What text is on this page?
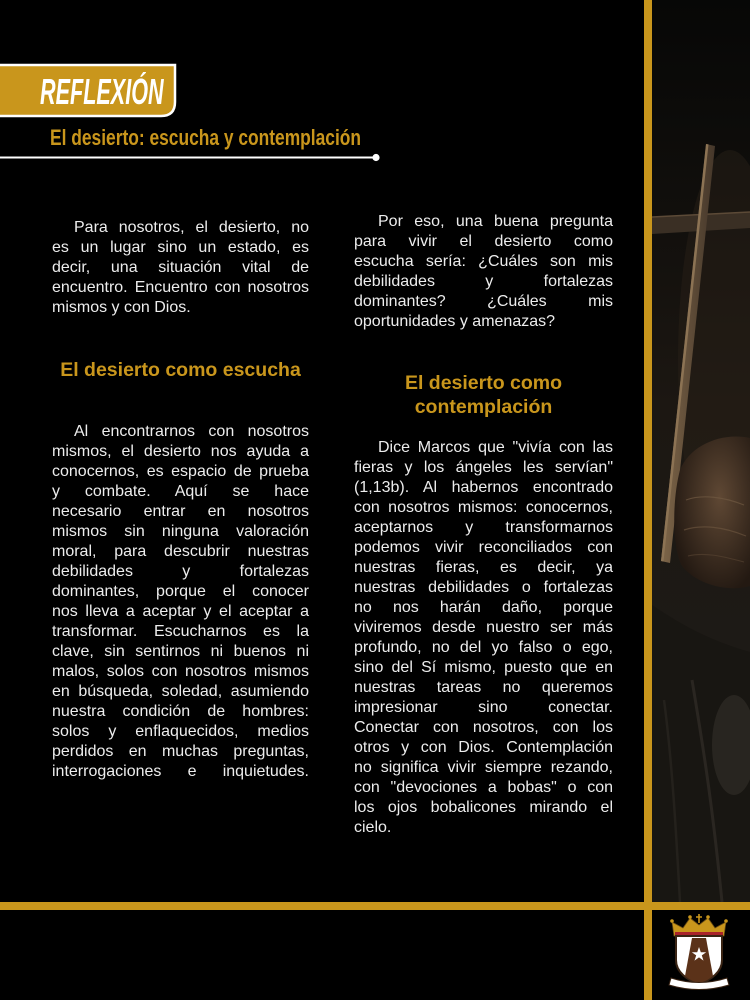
REFLEXIÓN
El desierto: escucha y contemplación
Para nosotros, el desierto, no
es un lugar sino un estado, es
decir, una situación vital de
encuentro. Encuentro con nosotros
mismos y con Dios.
El desierto como escucha
Al encontrarnos con nosotros
mismos, el desierto nos ayuda a
conocernos, es espacio de prueba
y combate. Aquí se hace
necesario entrar en nosotros
mismos sin ninguna valoración
moral, para descubrir nuestras
debilidades y fortalezas
dominantes, porque el conocer
nos lleva a aceptar y el aceptar a
transformar. Escucharnos es la
clave, sin sentirnos ni buenos ni
malos, solos con nosotros mismos
en búsqueda, soledad, asumiendo
nuestra condición de hombres:
solos y enflaquecidos, medios
perdidos en muchas preguntas,
interrogaciones e inquietudes.
Por eso, una buena pregunta
para vivir el desierto como
escucha sería: ¿Cuáles son mis
debilidades y fortalezas
dominantes? ¿Cuáles mis
oportunidades y amenazas?
El desierto como contemplación
Dice Marcos que "vivía con las
fieras y los ángeles les servían"
(1,13b). Al habernos encontrado
con nosotros mismos: conocernos,
aceptarnos y transformarnos
podemos vivir reconciliados con
nuestras fieras, es decir, ya
nuestras debilidades o fortalezas
no nos harán daño, porque
viviremos desde nuestro ser más
profundo, no del yo falso o ego,
sino del Sí mismo, puesto que en
nuestras tareas no queremos
impresionar sino conectar.
Conectar con nosotros, con los
otros y con Dios. Contemplación
no significa vivir siempre rezando,
con "devociones a bobas" o con
los ojos bobalicones mirando el
cielo.
